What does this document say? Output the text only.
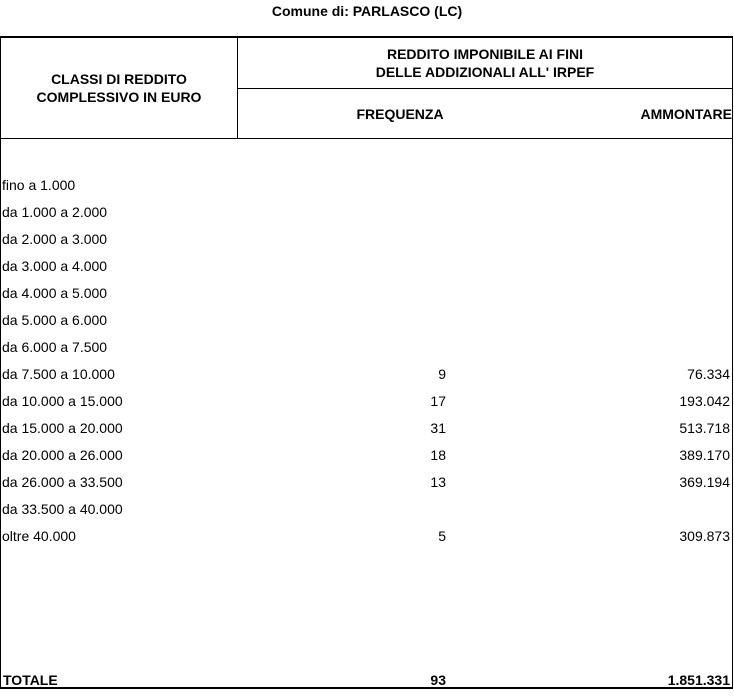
Comune di: PARLASCO (LC)
CLASSI DI REDDITO
COMPLESSIVO IN EURO
REDDITO IMPONIBILE AI FINI
DELLE ADDIZIONALI ALL' IRPEF
FREQUENZA	AMMONTARE
fino a 1.000
da 1.000 a 2.000
da 2.000 a 3.000
da 3.000 a 4.000
da 4.000 a 5.000
da 5.000 a 6.000
da 6.000 a 7.500
da 7.500 a 10.000	9	76.334
da 10.000 a 15.000	17	193.042
da 15.000 a 20.000	31	513.718
da 20.000 a 26.000	18	389.170
da 26.000 a 33.500	13	369.194
da 33.500 a 40.000
oltre 40.000	5	309.873
TOTALE	93	1.851.331
